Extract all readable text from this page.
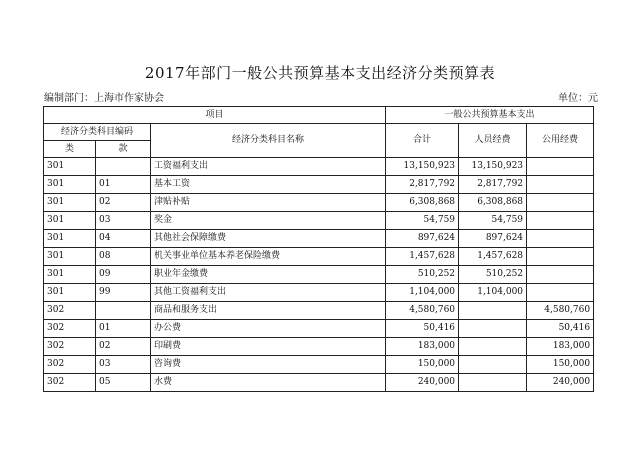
2017年部门一般公共预算基本支出经济分类预算表
编制部门：上海市作家协会	单位：元
项目			一般公共预算基本支出		
经济分类科目编码		经济分类科目名称	合计	人员经费	公用经费
类	款				
301		工资福利支出	13,150,923	13,150,923	
301	01	基本工资	2,817,792	2,817,792	
301	02	津贴补贴	6,308,868	6,308,868	
301	03	奖金	54,759	54,759	
301	04	其他社会保障缴费	897,624	897,624	
301	08	机关事业单位基本养老保险缴费	1,457,628	1,457,628	
301	09	职业年金缴费	510,252	510,252	
301	99	其他工资福利支出	1,104,000	1,104,000	
302		商品和服务支出	4,580,760		4,580,760
302	01	办公费	50,416		50,416
302	02	印刷费	183,000		183,000
302	03	咨询费	150,000		150,000
302	05	水费	240,000		240,000
